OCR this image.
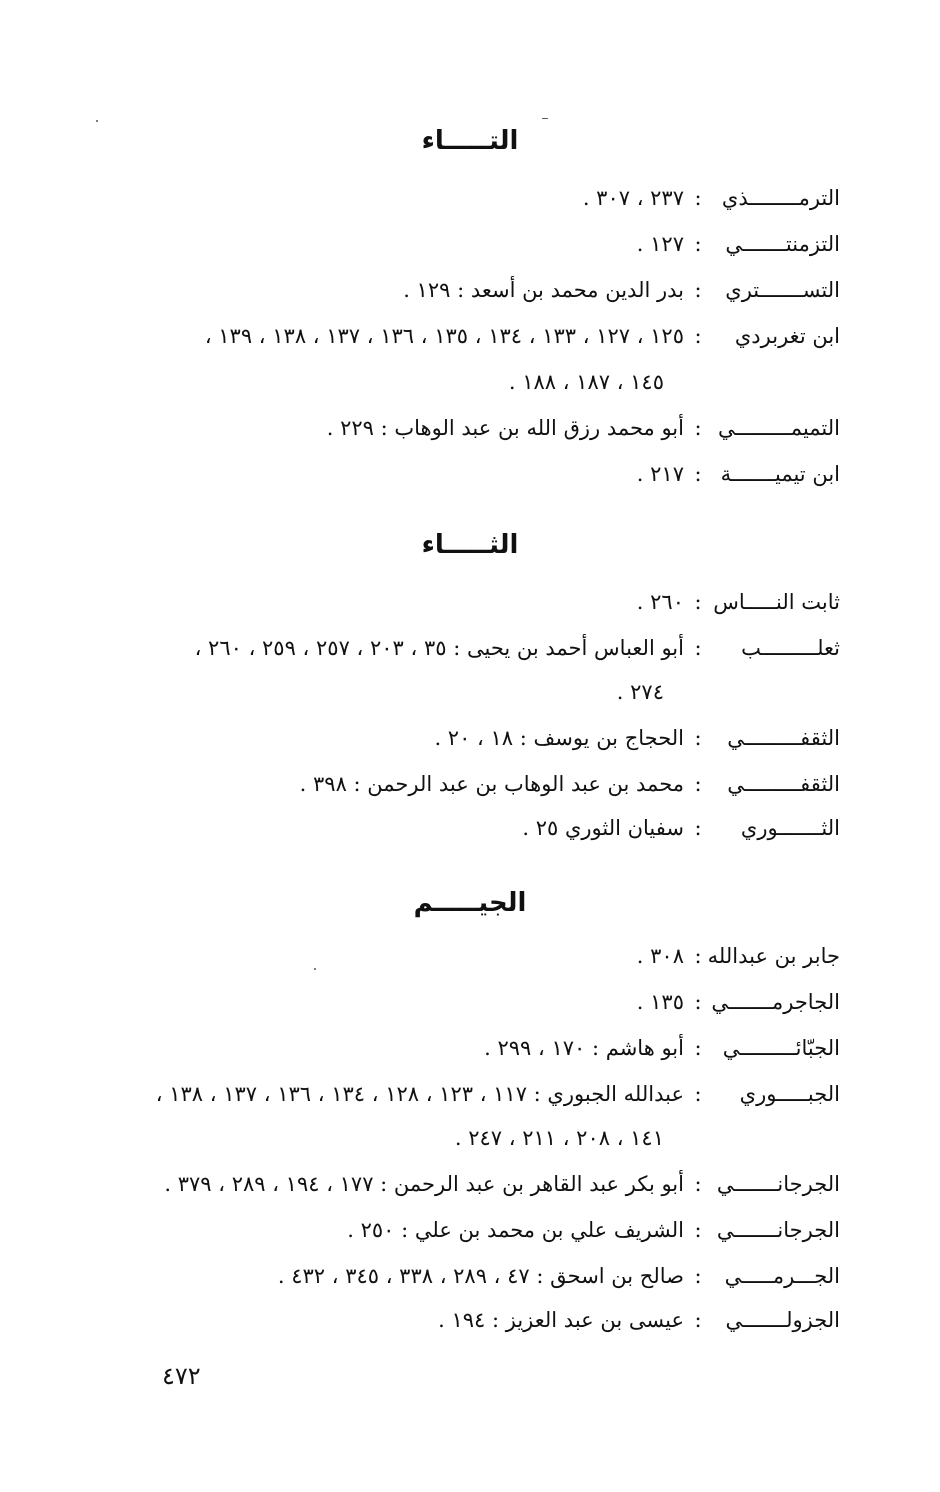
التـــــاء
الترمــــــــذي
:
٢٣٧ ، ٣٠٧ .
التزمنتـــــــي
:
١٢٧ .
التســـــــتري
:
بدر الدين محمد بن أسعد : ١٢٩ .
ابن تغربردي
:
١٢٥ ، ١٢٧ ، ١٣٣ ، ١٣٤ ، ١٣٥ ، ١٣٦ ، ١٣٧ ، ١٣٨ ، ١٣٩ ،
١٤٥ ، ١٨٧ ، ١٨٨ .
التميمـــــــــي
:
أبو محمد رزق الله بن عبد الوهاب : ٢٢٩ .
ابن تيميـــــــة
:
٢١٧ .
الثـــــاء
ثابت النـــــاس
:
٢٦٠ .
ثعلـــــــــب
:
أبو العباس أحمد بن يحيى : ٣٥ ، ٢٠٣ ، ٢٥٧ ، ٢٥٩ ، ٢٦٠ ،
٢٧٤ .
الثقفـــــــــي
:
الحجاج بن يوسف : ١٨ ، ٢٠ .
الثقفـــــــــي
:
محمد بن عبد الوهاب بن عبد الرحمن : ٣٩٨ .
الثـــــــوري
:
سفيان الثوري ٢٥ .
الجيـــــم
جابر بن عبدالله
:
٣٠٨ .
الجاجرمـــــــي
:
١٣٥ .
الجبّائـــــــــي
:
أبو هاشم : ١٧٠ ، ٢٩٩ .
الجبـــــوري
:
عبدالله الجبوري : ١١٧ ، ١٢٣ ، ١٢٨ ، ١٣٤ ، ١٣٦ ، ١٣٧ ، ١٣٨ ،
١٤١ ، ٢٠٨ ، ٢١١ ، ٢٤٧ .
الجرجانـــــــي
:
أبو بكر عبد القاهر بن عبد الرحمن : ١٧٧ ، ١٩٤ ، ٢٨٩ ، ٣٧٩ .
الجرجانـــــــي
:
الشريف علي بن محمد بن علي : ٢٥٠ .
الجـــرمـــــي
:
صالح بن اسحق : ٤٧ ، ٢٨٩ ، ٣٣٨ ، ٣٤٥ ، ٤٣٢ .
الجزولـــــــي
:
عيسى بن عبد العزيز : ١٩٤ .
٤٧٢
